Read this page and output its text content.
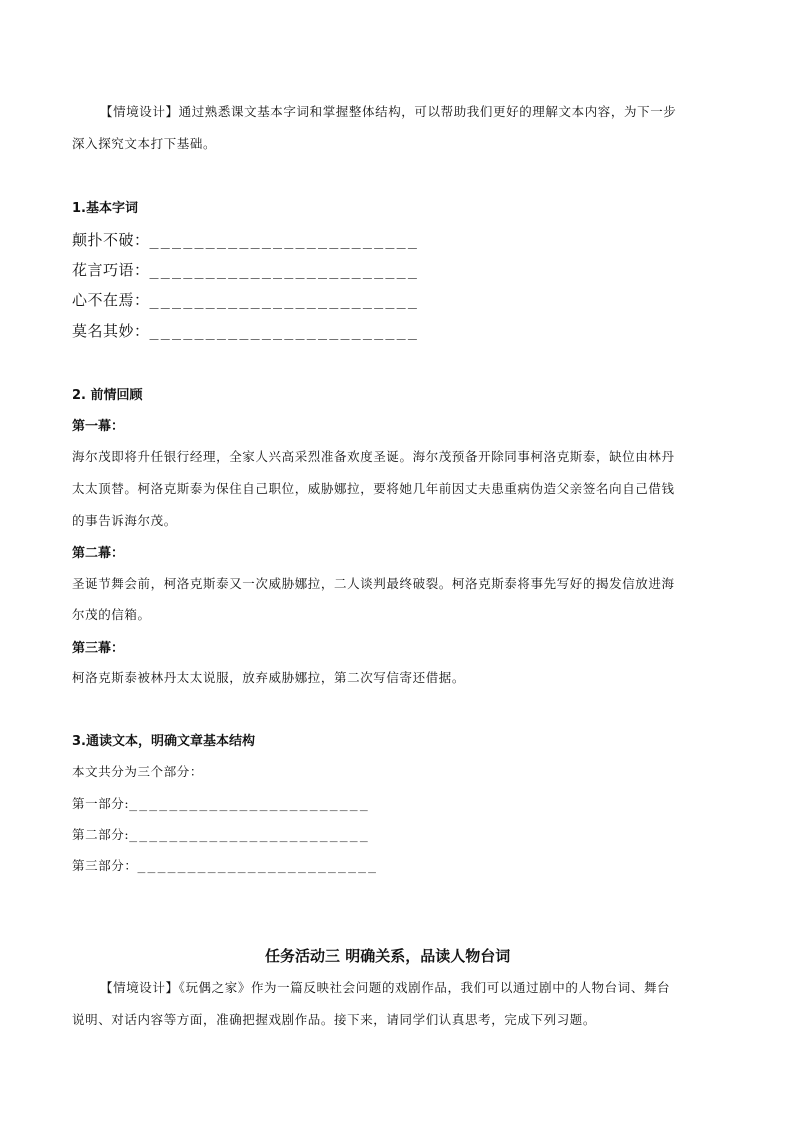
【情境设计】通过熟悉课文基本字词和掌握整体结构，可以帮助我们更好的理解文本内容，为下一步
深入探究文本打下基础。
1.基本字词
颠扑不破：________________________
花言巧语：________________________
心不在焉：________________________
莫名其妙：________________________
2. 前情回顾
第一幕：
海尔茂即将升任银行经理，全家人兴高采烈准备欢度圣诞。海尔茂预备开除同事柯洛克斯泰，缺位由林丹
太太顶替。柯洛克斯泰为保住自己职位，威胁娜拉，要将她几年前因丈夫患重病伪造父亲签名向自己借钱
的事告诉海尔茂。
第二幕：
圣诞节舞会前，柯洛克斯泰又一次威胁娜拉，二人谈判最终破裂。柯洛克斯泰将事先写好的揭发信放进海
尔茂的信箱。
第三幕：
柯洛克斯泰被林丹太太说服，放弃威胁娜拉，第二次写信寄还借据。
3.通读文本，明确文章基本结构
本文共分为三个部分：
第一部分:________________________
第二部分:________________________
第三部分：________________________
任务活动三 明确关系，品读人物台词
【情境设计】《玩偶之家》作为一篇反映社会问题的戏剧作品，我们可以通过剧中的人物台词、舞台
说明、对话内容等方面，准确把握戏剧作品。接下来，请同学们认真思考，完成下列习题。
